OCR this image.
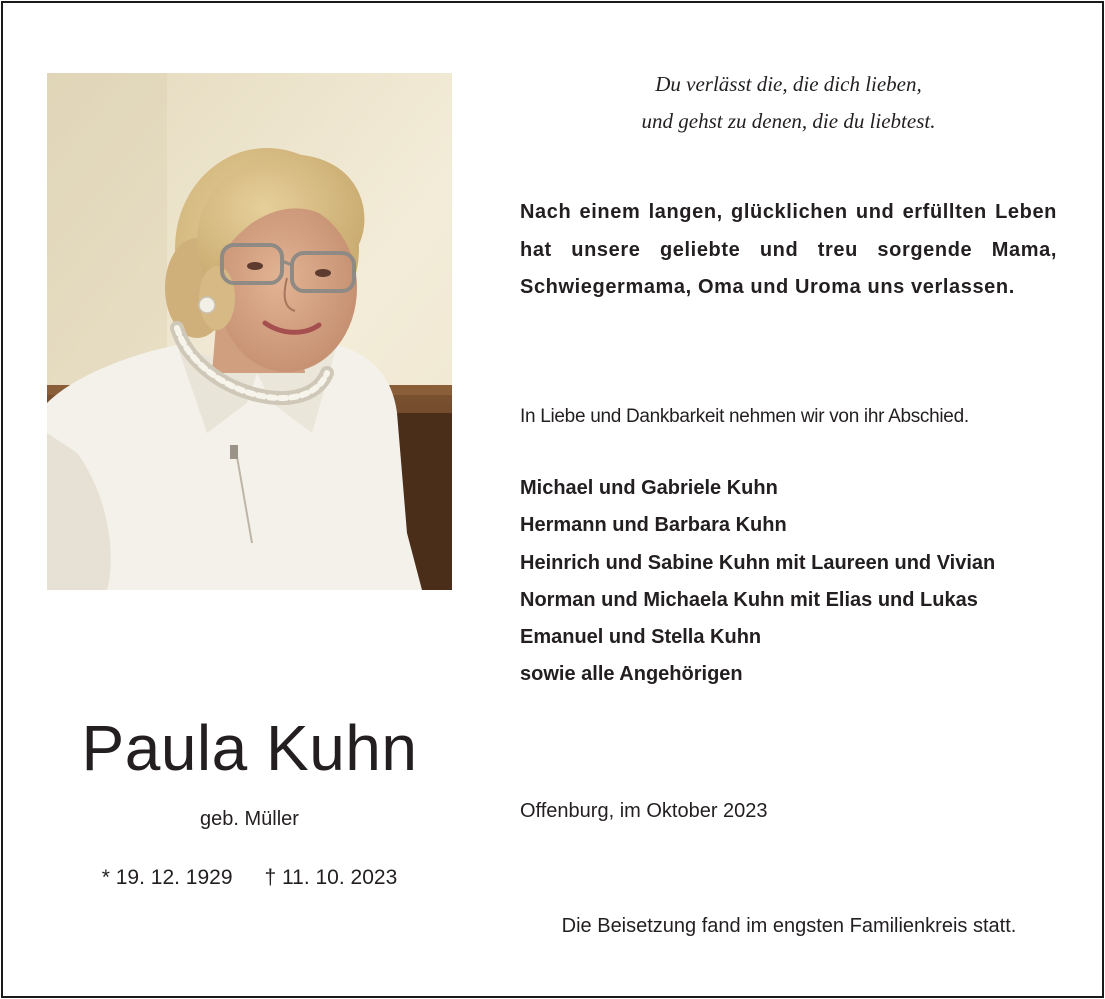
Du verlässt die, die dich lieben,
und gehst zu denen, die du liebtest.
Nach einem langen, glücklichen und erfüllten Leben hat unsere geliebte und treu sorgende Mama, Schwiegermama, Oma und Uroma uns verlassen.
In Liebe und Dankbarkeit nehmen wir von ihr Abschied.
Michael und Gabriele Kuhn
Hermann und Barbara Kuhn
Heinrich und Sabine Kuhn mit Laureen und Vivian
Norman und Michaela Kuhn mit Elias und Lukas
Emanuel und Stella Kuhn
sowie alle Angehörigen
Paula Kuhn
geb. Müller
* 19. 12. 1929 † 11. 10. 2023
Offenburg, im Oktober 2023
Die Beisetzung fand im engsten Familienkreis statt.
